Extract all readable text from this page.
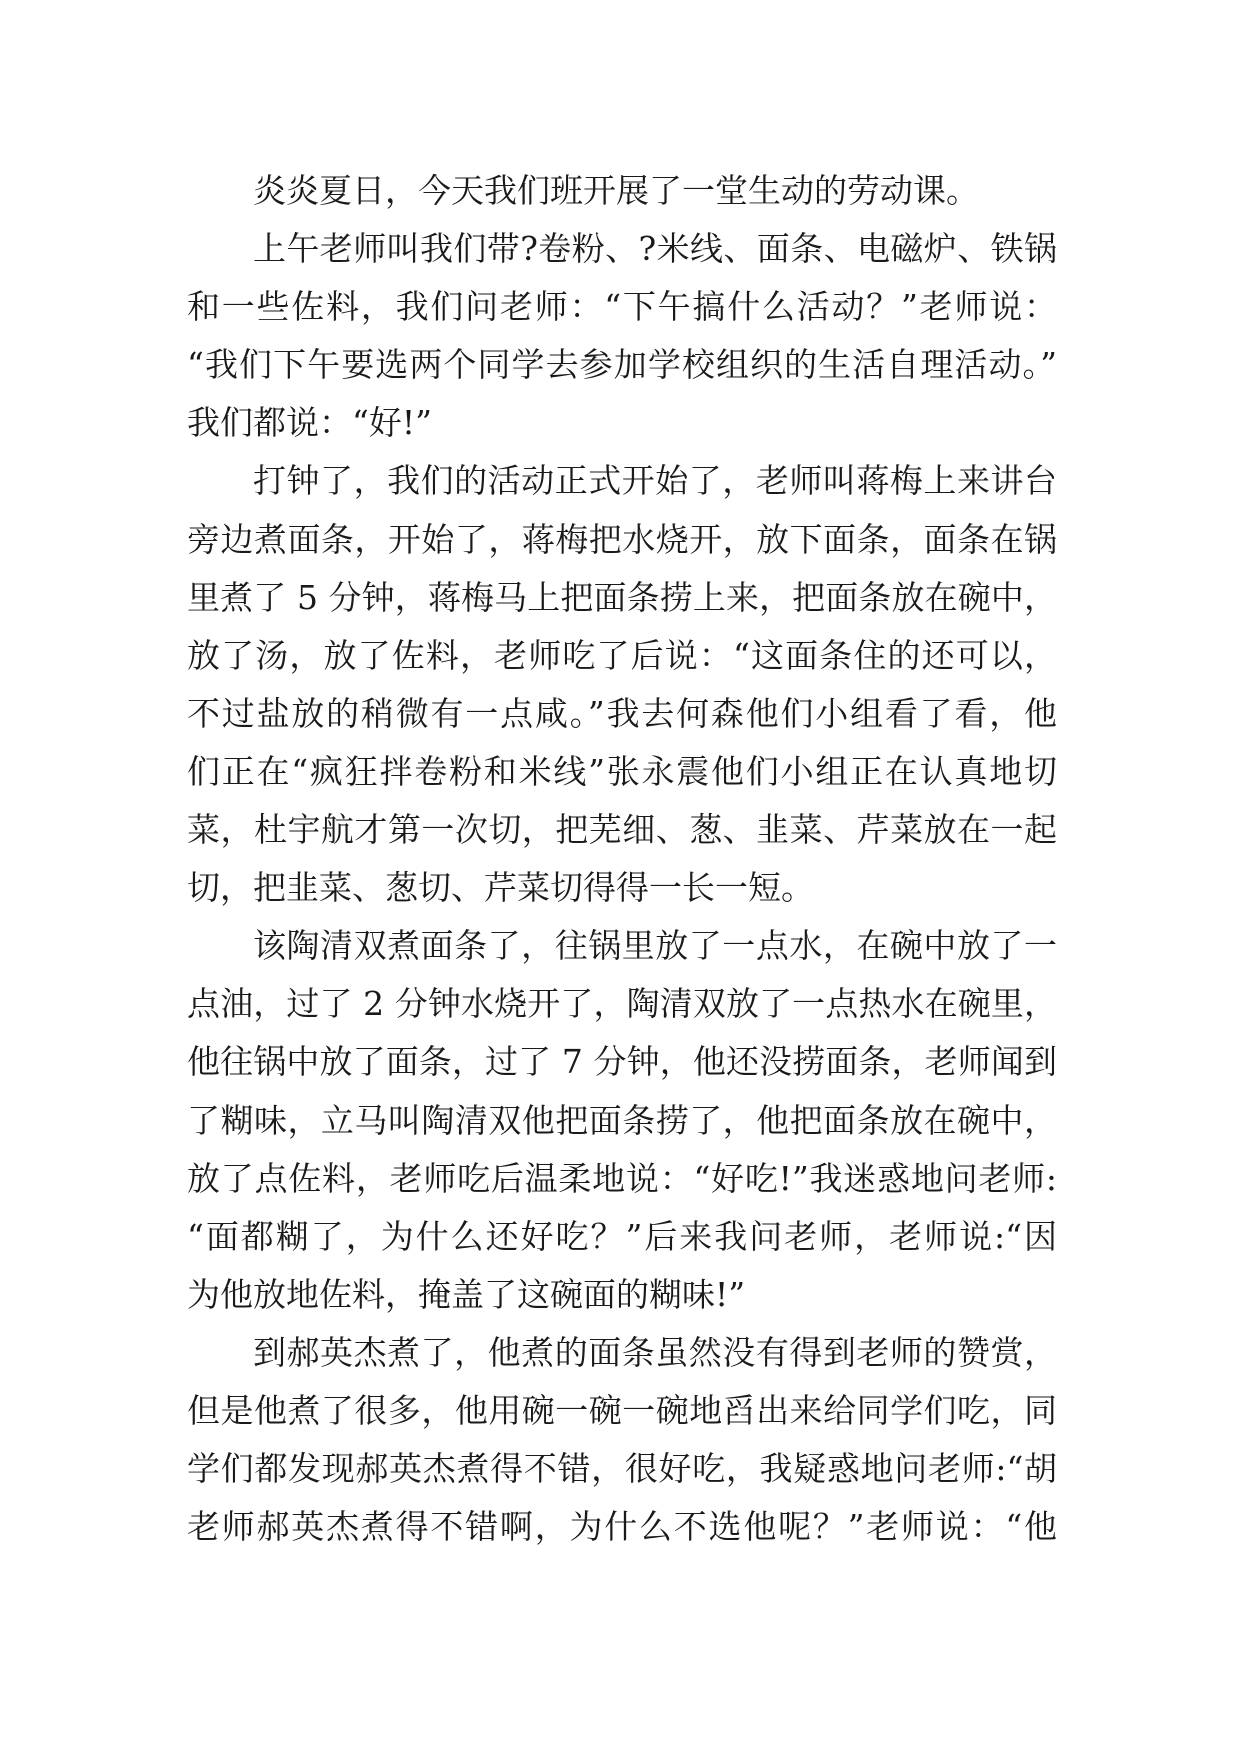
炎炎夏日，今天我们班开展了一堂生动的劳动课。
上午老师叫我们带?卷粉、?米线、面条、电磁炉、铁锅
和一些佐料，我们问老师：“下午搞什么活动？”老师说：
“我们下午要选两个同学去参加学校组织的生活自理活动。”
我们都说：“好!”
打钟了，我们的活动正式开始了，老师叫蒋梅上来讲台
旁边煮面条，开始了，蒋梅把水烧开，放下面条，面条在锅
里煮了 5 分钟，蒋梅马上把面条捞上来，把面条放在碗中，
放了汤，放了佐料，老师吃了后说：“这面条住的还可以，
不过盐放的稍微有一点咸。”我去何森他们小组看了看，他
们正在“疯狂拌卷粉和米线”张永震他们小组正在认真地切
菜，杜宇航才第一次切，把芜细、葱、韭菜、芹菜放在一起
切，把韭菜、葱切、芹菜切得得一长一短。
该陶清双煮面条了，往锅里放了一点水，在碗中放了一
点油，过了 2 分钟水烧开了，陶清双放了一点热水在碗里，
他往锅中放了面条，过了 7 分钟，他还没捞面条，老师闻到
了糊味，立马叫陶清双他把面条捞了，他把面条放在碗中，
放了点佐料，老师吃后温柔地说：“好吃!”我迷惑地问老师:
“面都糊了，为什么还好吃？”后来我问老师，老师说:“因
为他放地佐料，掩盖了这碗面的糊味!”
到郝英杰煮了，他煮的面条虽然没有得到老师的赞赏，
但是他煮了很多，他用碗一碗一碗地舀出来给同学们吃，同
学们都发现郝英杰煮得不错，很好吃，我疑惑地问老师:“胡
老师郝英杰煮得不错啊，为什么不选他呢？”老师说：“他
